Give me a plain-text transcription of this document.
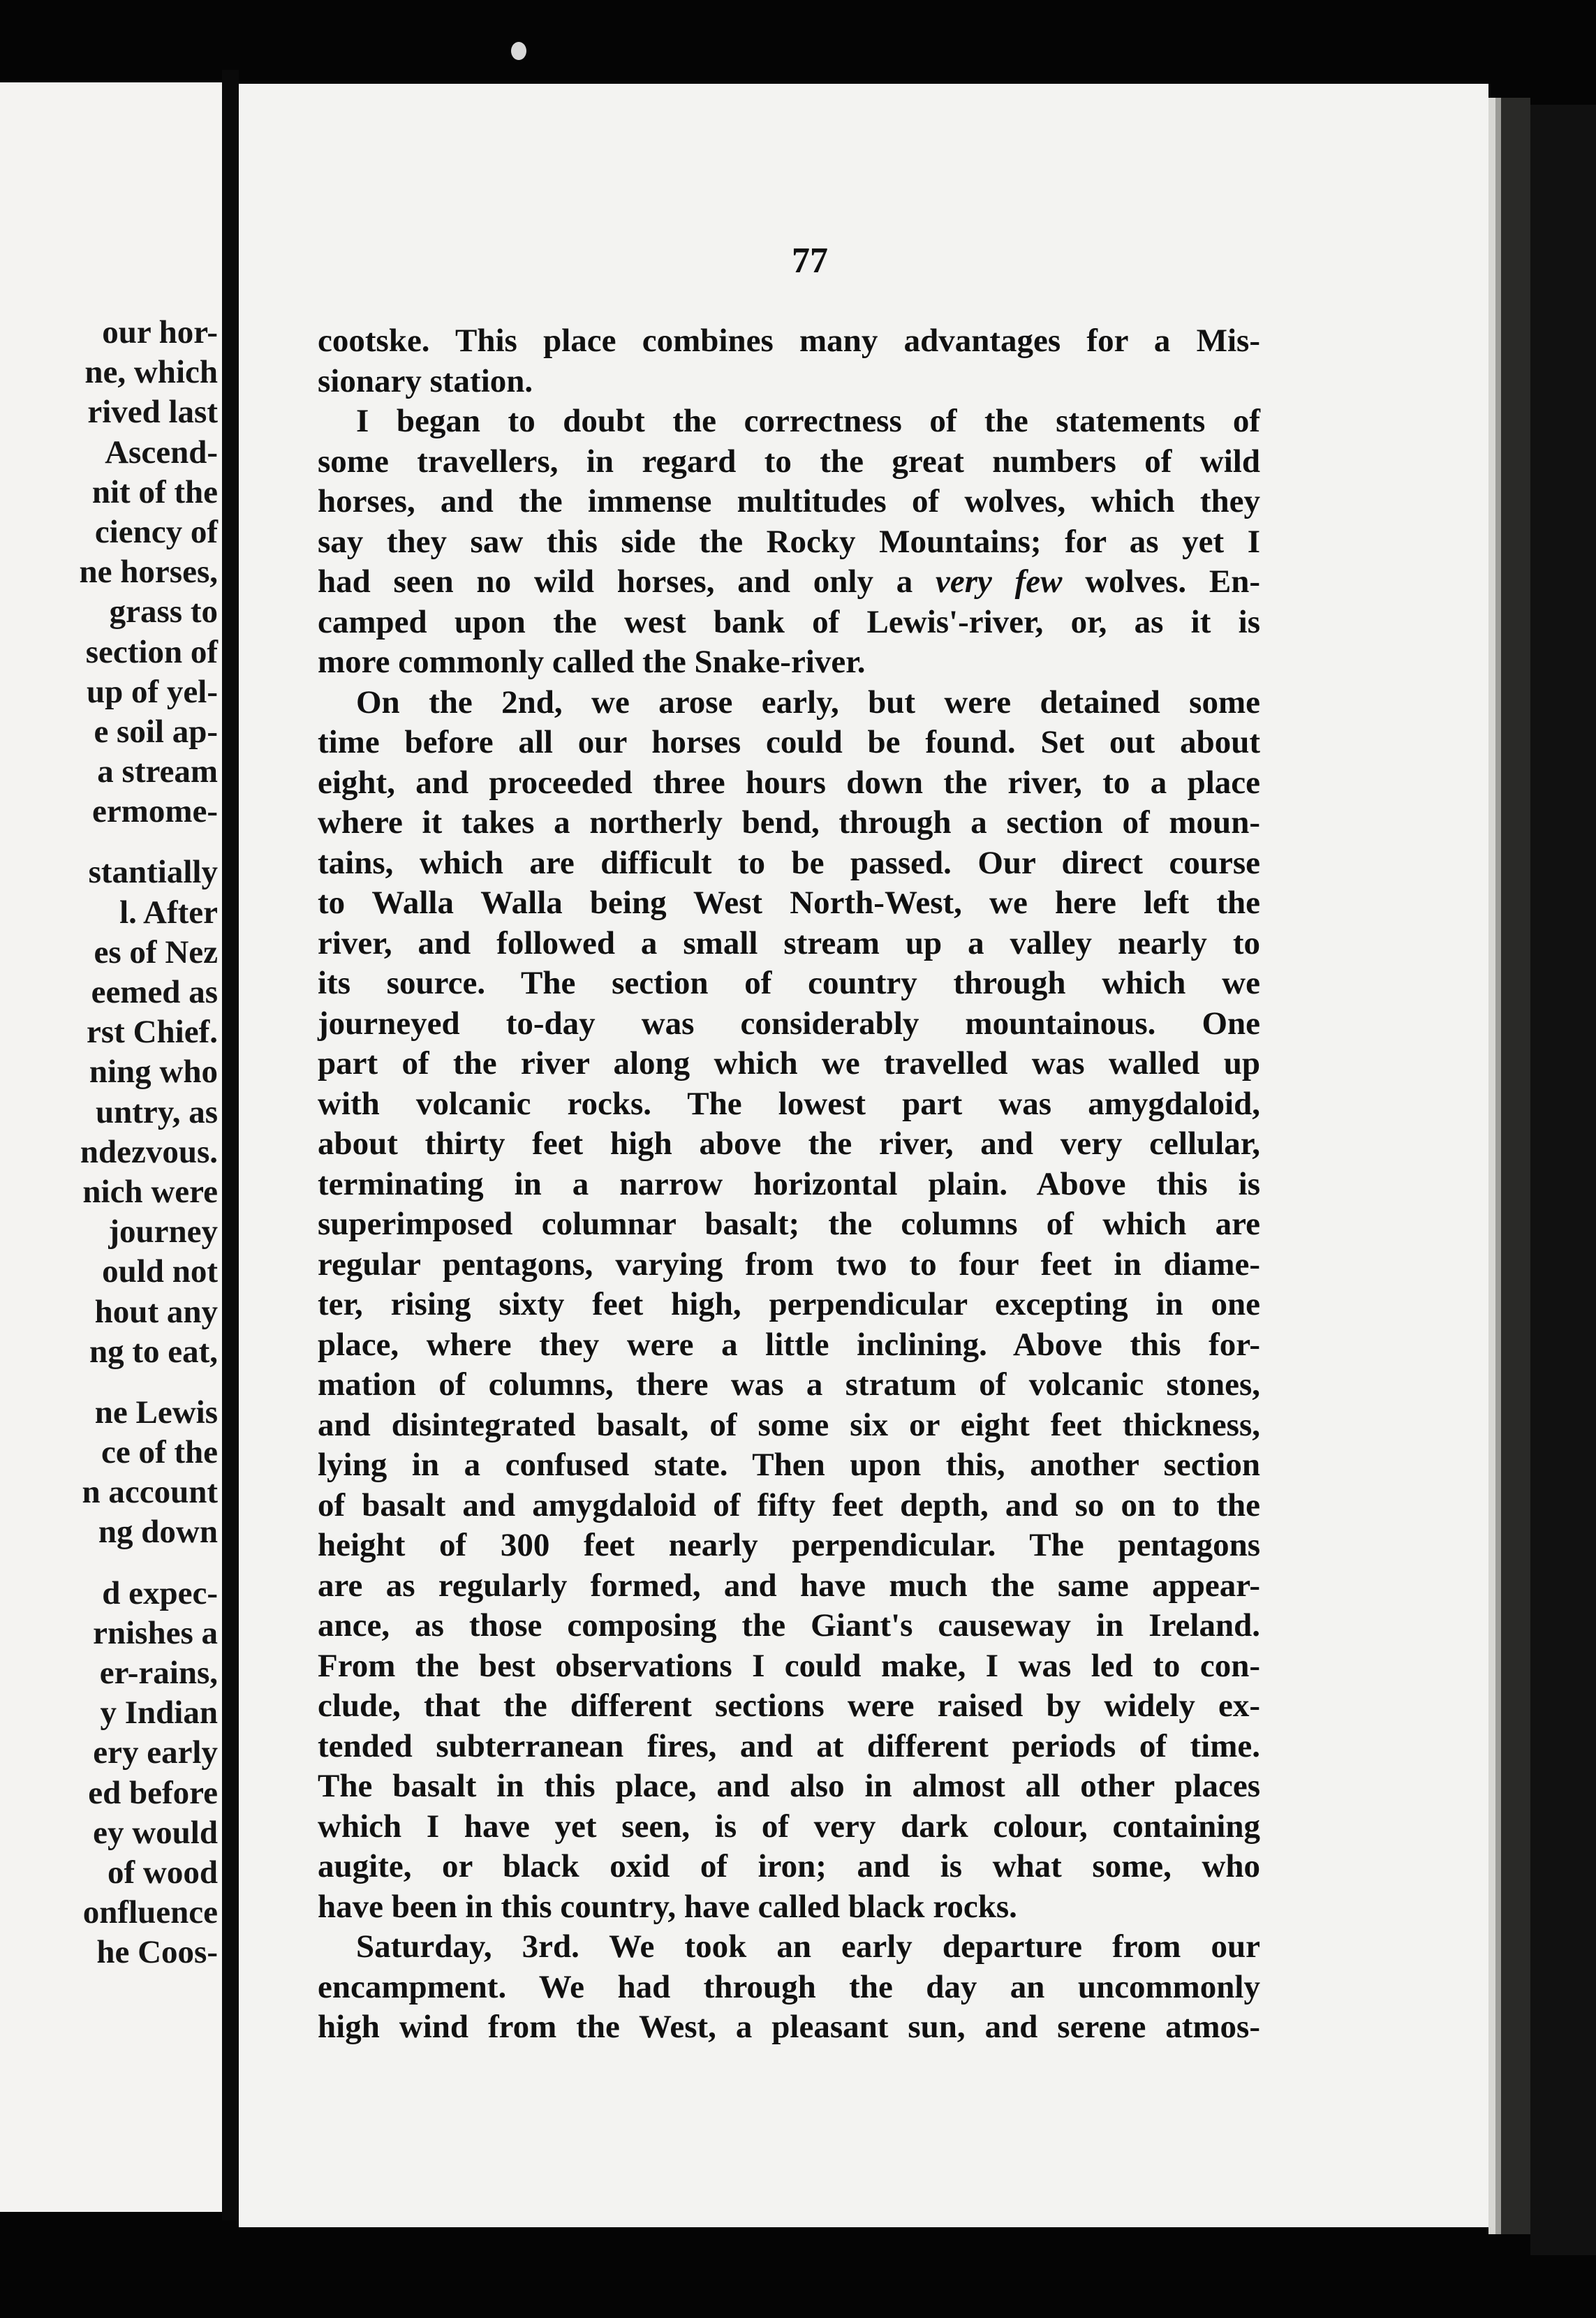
our hor-
ne, which
rived last
Ascend-
nit of the
ciency of
ne horses,
grass to
section of
up of yel-
e soil ap-
a stream
ermome-
stantially
l. After
es of Nez
eemed as
rst Chief.
ning who
untry, as
ndezvous.
nich were
journey
ould not
hout any
ng to eat,
ne Lewis
ce of the
n account
ng down
d expec-
rnishes a
er-rains,
y Indian
ery early
ed before
ey would
of wood
onfluence
he Coos-
77
cootske. This place combines many advantages for a Mis-
sionary station.
I began to doubt the correctness of the statements of
some travellers, in regard to the great numbers of wild
horses, and the immense multitudes of wolves, which they
say they saw this side the Rocky Mountains; for as yet I
had seen no wild horses, and only a very few wolves. En-
camped upon the west bank of Lewis'-river, or, as it is
more commonly called the Snake-river.
On the 2nd, we arose early, but were detained some
time before all our horses could be found. Set out about
eight, and proceeded three hours down the river, to a place
where it takes a northerly bend, through a section of moun-
tains, which are difficult to be passed. Our direct course
to Walla Walla being West North-West, we here left the
river, and followed a small stream up a valley nearly to
its source. The section of country through which we
journeyed to-day was considerably mountainous. One
part of the river along which we travelled was walled up
with volcanic rocks. The lowest part was amygdaloid,
about thirty feet high above the river, and very cellular,
terminating in a narrow horizontal plain. Above this is
superimposed columnar basalt; the columns of which are
regular pentagons, varying from two to four feet in diame-
ter, rising sixty feet high, perpendicular excepting in one
place, where they were a little inclining. Above this for-
mation of columns, there was a stratum of volcanic stones,
and disintegrated basalt, of some six or eight feet thickness,
lying in a confused state. Then upon this, another section
of basalt and amygdaloid of fifty feet depth, and so on to the
height of 300 feet nearly perpendicular. The pentagons
are as regularly formed, and have much the same appear-
ance, as those composing the Giant's causeway in Ireland.
From the best observations I could make, I was led to con-
clude, that the different sections were raised by widely ex-
tended subterranean fires, and at different periods of time.
The basalt in this place, and also in almost all other places
which I have yet seen, is of very dark colour, containing
augite, or black oxid of iron; and is what some, who
have been in this country, have called black rocks.
Saturday, 3rd. We took an early departure from our
encampment. We had through the day an uncommonly
high wind from the West, a pleasant sun, and serene atmos-
